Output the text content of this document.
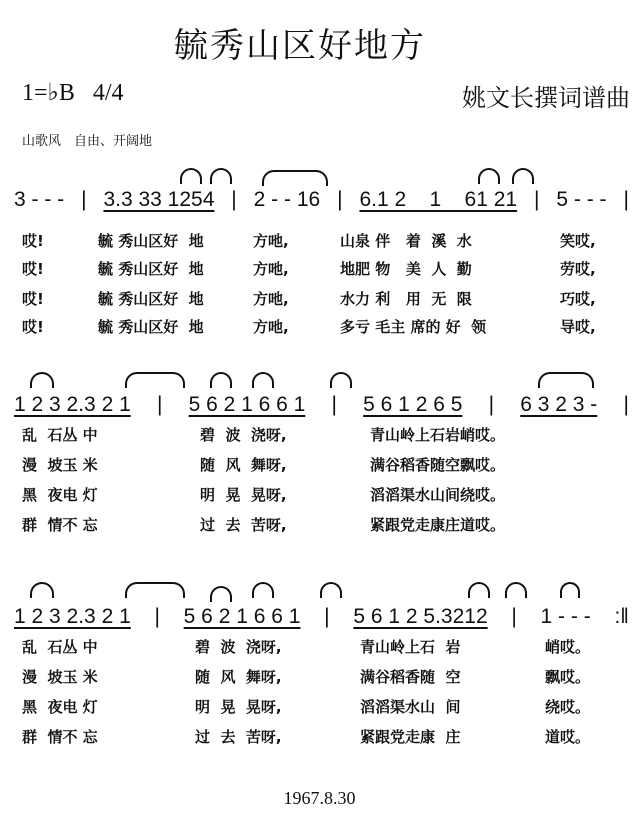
毓秀山区好地方
1=♭B   4/4	姚文长撰词谱曲
山歌风　自由、开阔地
3 - - - | 3.3 33 1254 | 2 - - 16 | 6.1 2    1    61 21 | 5 - - - |
哎!	毓 秀山区好  地	方吔,	山泉 伴   着  溪  水	笑哎,
哎!	毓 秀山区好  地	方吔,	地肥 物   美  人  勤	劳哎,
哎!	毓 秀山区好  地	方吔,	水力 利   用  无  限	巧哎,
哎!	毓 秀山区好  地	方吔,	多亏 毛主 席的 好  领	导哎,
1 2 3 2.3 2 1 | 5 6 2 1 6 6 1 | 5 6 1 2 6 5 | 6 3 2 3 - |
乱  石丛 中	碧  波  浇呀,	青山岭上石岩峭哎。
漫  坡玉 米	随  风  舞呀,	满谷稻香随空飘哎。
黑  夜电 灯	明  晃  晃呀,	滔滔渠水山间绕哎。
群  情不 忘	过  去  苦呀,	紧跟党走康庄道哎。
1 2 3 2.3 2 1 | 5 6 2 1 6 6 1 | 5 6 1 2 5.3212 | 1 - - - :‖
乱  石丛 中	碧  波  浇呀,	青山岭上石  岩	峭哎。
漫  坡玉 米	随  风  舞呀,	满谷稻香随  空	飘哎。
黑  夜电 灯	明  晃  晃呀,	滔滔渠水山  间	绕哎。
群  情不 忘	过  去  苦呀,	紧跟党走康  庄	道哎。
1967.8.30
